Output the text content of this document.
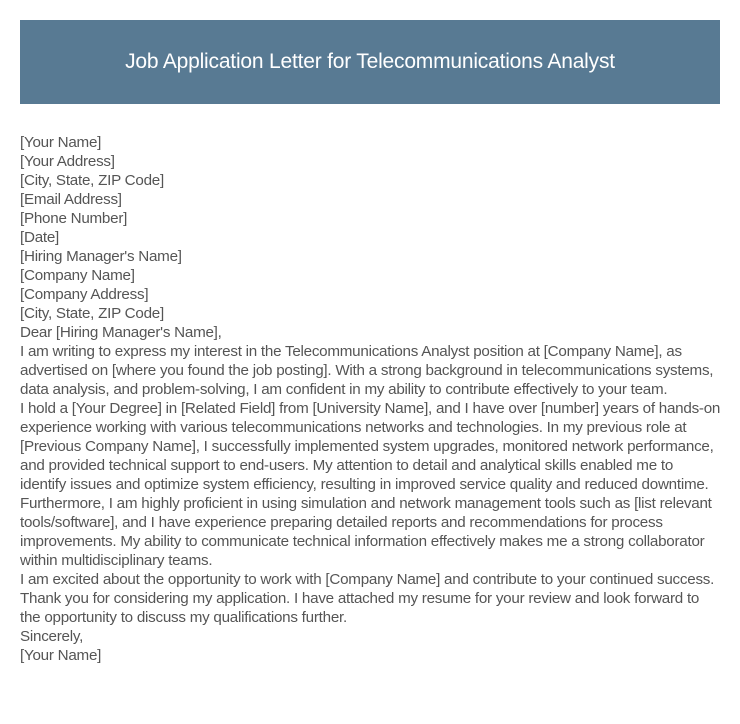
Job Application Letter for Telecommunications Analyst

[Your Name]

[Your Address]

[City, State, ZIP Code]

[Email Address]

[Phone Number]

[Date]

[Hiring Manager's Name]

[Company Name]

[Company Address]

[City, State, ZIP Code]

Dear [Hiring Manager's Name],

I am writing to express my interest in the Telecommunications Analyst position at [Company Name], as advertised on [where you found the job posting]. With a strong background in telecommunications systems, data analysis, and problem-solving, I am confident in my ability to contribute effectively to your team.

I hold a [Your Degree] in [Related Field] from [University Name], and I have over [number] years of hands-on experience working with various telecommunications networks and technologies. In my previous role at [Previous Company Name], I successfully implemented system upgrades, monitored network performance, and provided technical support to end-users. My attention to detail and analytical skills enabled me to identify issues and optimize system efficiency, resulting in improved service quality and reduced downtime.

Furthermore, I am highly proficient in using simulation and network management tools such as [list relevant tools/software], and I have experience preparing detailed reports and recommendations for process improvements. My ability to communicate technical information effectively makes me a strong collaborator within multidisciplinary teams.

I am excited about the opportunity to work with [Company Name] and contribute to your continued success. Thank you for considering my application. I have attached my resume for your review and look forward to the opportunity to discuss my qualifications further.

Sincerely,

[Your Name]
